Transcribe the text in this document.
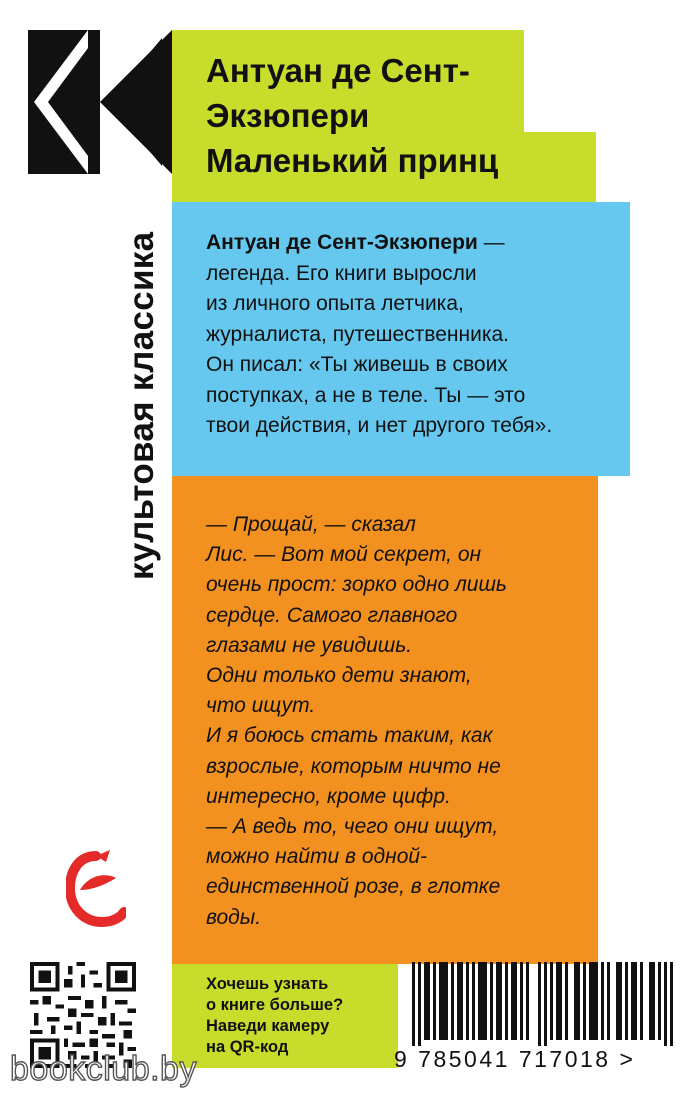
культовая классика
Антуан де Сент-
Экзюпери
Маленький принц
Антуан де Сент-Экзюпери —
легенда. Его книги выросли
из личного опыта летчика,
журналиста, путешественника.
Он писал: «Ты живешь в своих
поступках, а не в теле. Ты — это
твои действия, и нет другого тебя».
— Прощай, — сказал
Лис. — Вот мой секрет, он
очень прост: зорко одно лишь
сердце. Самого главного
глазами не увидишь.
Одни только дети знают,
что ищут.
И я боюсь стать таким, как
взрослые, которым ничто не
интересно, кроме цифр.
— А ведь то, чего они ищут,
можно найти в одной-
единственной розе, в глотке
воды.
Хочешь узнать
о книге больше?
Наведи камеру
на QR-код	9 785041 717018 >
bookclub.by
